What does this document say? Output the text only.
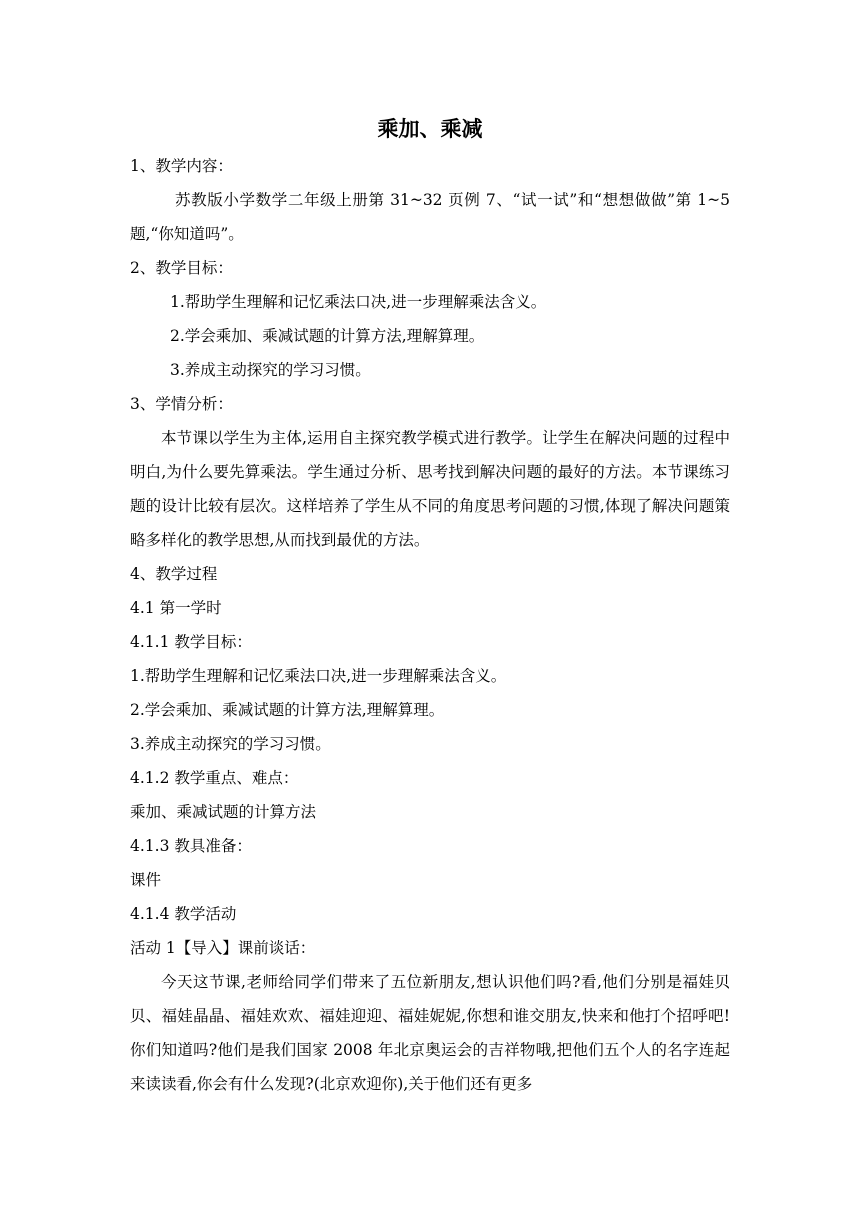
乘加、乘减
1、教学内容：
苏教版小学数学二年级上册第 31~32 页例 7、“试一试”和“想想做做”第 1~5 题,“你知道吗”。
2、教学目标：
1.帮助学生理解和记忆乘法口决,进一步理解乘法含义。
2.学会乘加、乘减试题的计算方法,理解算理。
3.养成主动探究的学习习惯。
3、学情分析：
本节课以学生为主体,运用自主探究教学模式进行教学。让学生在解决问题的过程中明白,为什么要先算乘法。学生通过分析、思考找到解决问题的最好的方法。本节课练习题的设计比较有层次。这样培养了学生从不同的角度思考问题的习惯,体现了解决问题策略多样化的教学思想,从而找到最优的方法。
4、教学过程
4.1 第一学时
4.1.1 教学目标：
1.帮助学生理解和记忆乘法口决,进一步理解乘法含义。
2.学会乘加、乘减试题的计算方法,理解算理。
3.养成主动探究的学习习惯。
4.1.2 教学重点、难点：
乘加、乘减试题的计算方法
4.1.3 教具准备：
课件
4.1.4 教学活动
活动 1【导入】课前谈话：
今天这节课,老师给同学们带来了五位新朋友,想认识他们吗?看,他们分别是福娃贝贝、福娃晶晶、福娃欢欢、福娃迎迎、福娃妮妮,你想和谁交朋友,快来和他打个招呼吧!你们知道吗?他们是我们国家 2008 年北京奥运会的吉祥物哦,把他们五个人的名字连起来读读看,你会有什么发现?(北京欢迎你),关于他们还有更多
